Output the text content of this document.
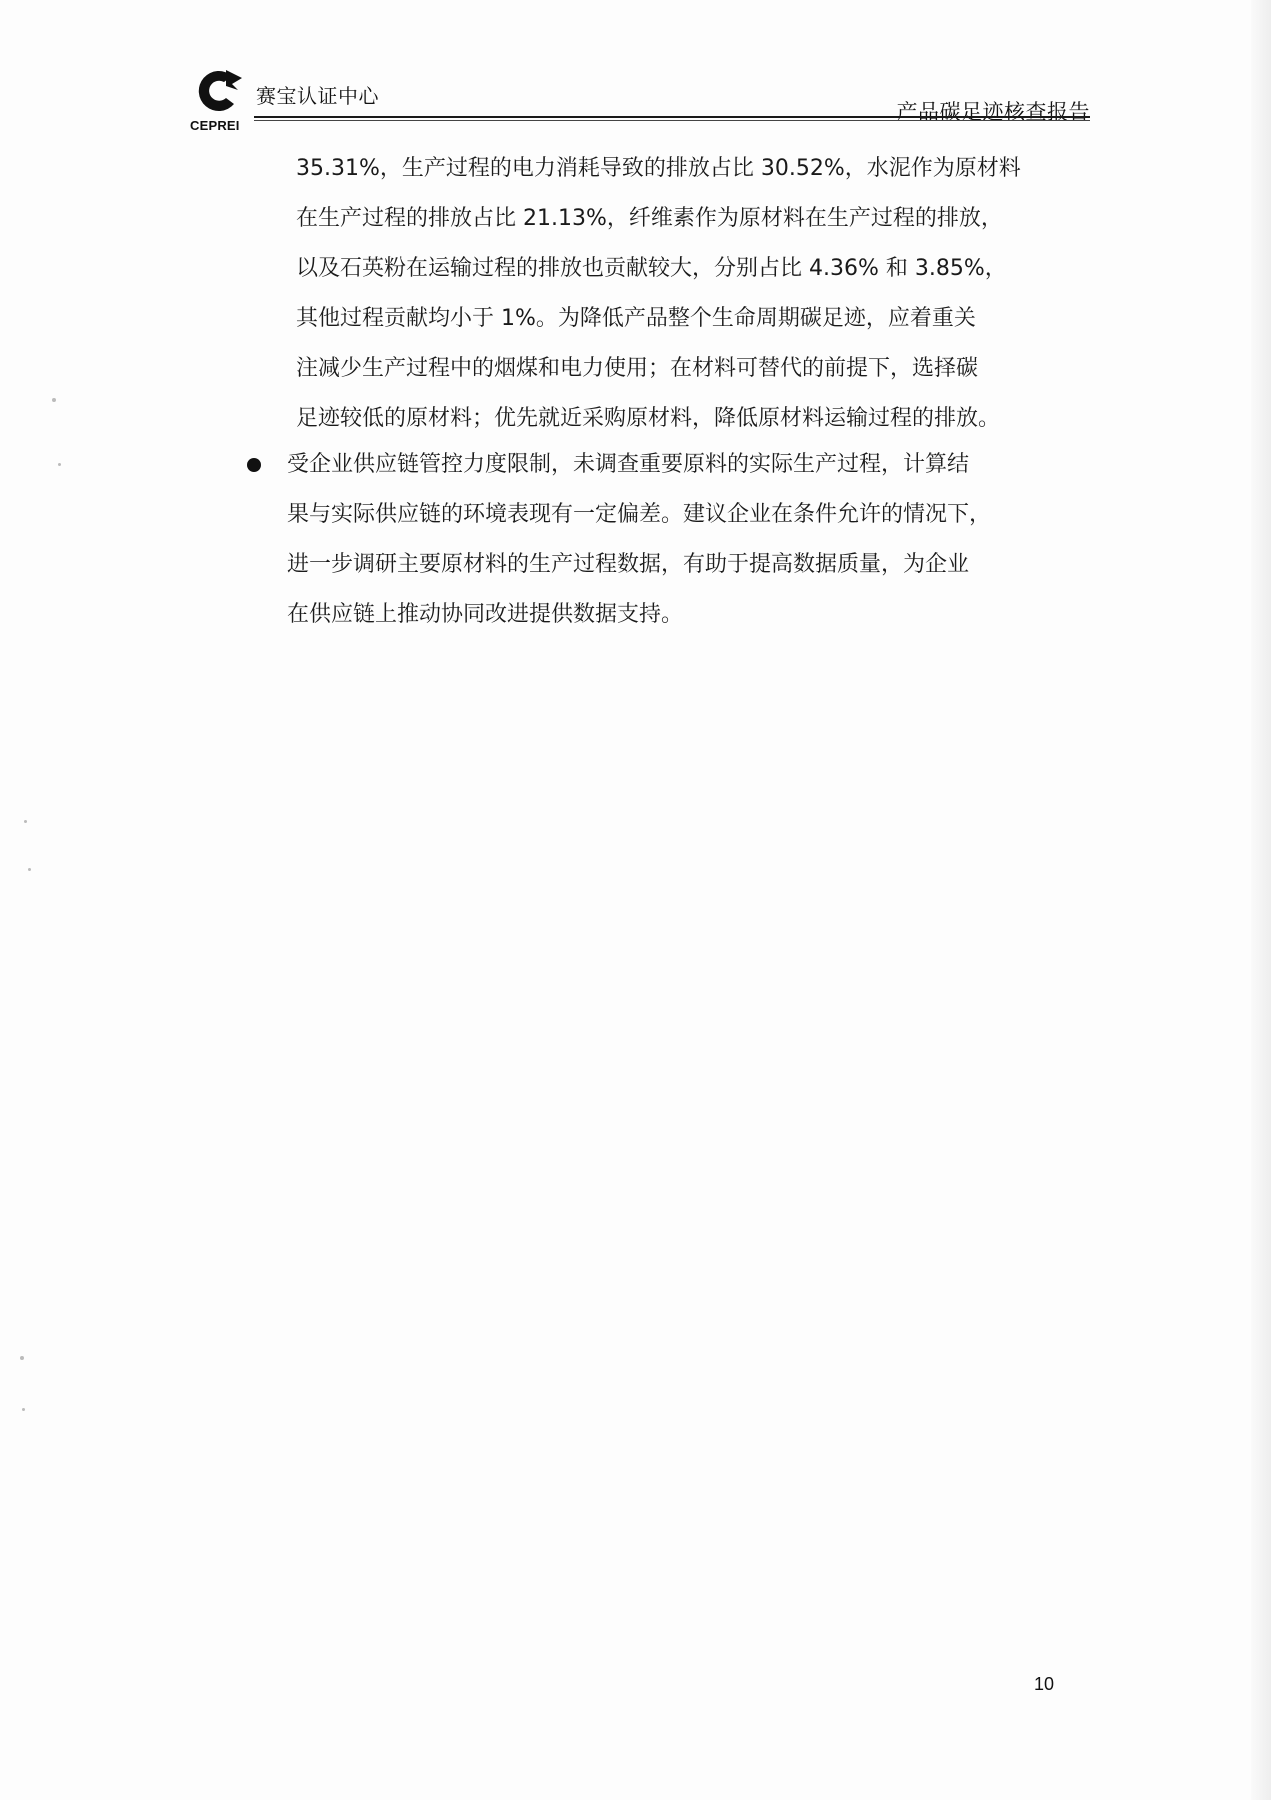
CEPREI
赛宝认证中心
产品碳足迹核查报告

35.31%，生产过程的电力消耗导致的排放占比 30.52%，水泥作为原材料

在生产过程的排放占比 21.13%，纤维素作为原材料在生产过程的排放，

以及石英粉在运输过程的排放也贡献较大，分别占比 4.36% 和 3.85%，

其他过程贡献均小于 1%。为降低产品整个生命周期碳足迹，应着重关

注减少生产过程中的烟煤和电力使用；在材料可替代的前提下，选择碳

足迹较低的原材料；优先就近采购原材料，降低原材料运输过程的排放。

受企业供应链管控力度限制，未调查重要原料的实际生产过程，计算结

果与实际供应链的环境表现有一定偏差。建议企业在条件允许的情况下，

进一步调研主要原材料的生产过程数据，有助于提高数据质量，为企业

在供应链上推动协同改进提供数据支持。

10
